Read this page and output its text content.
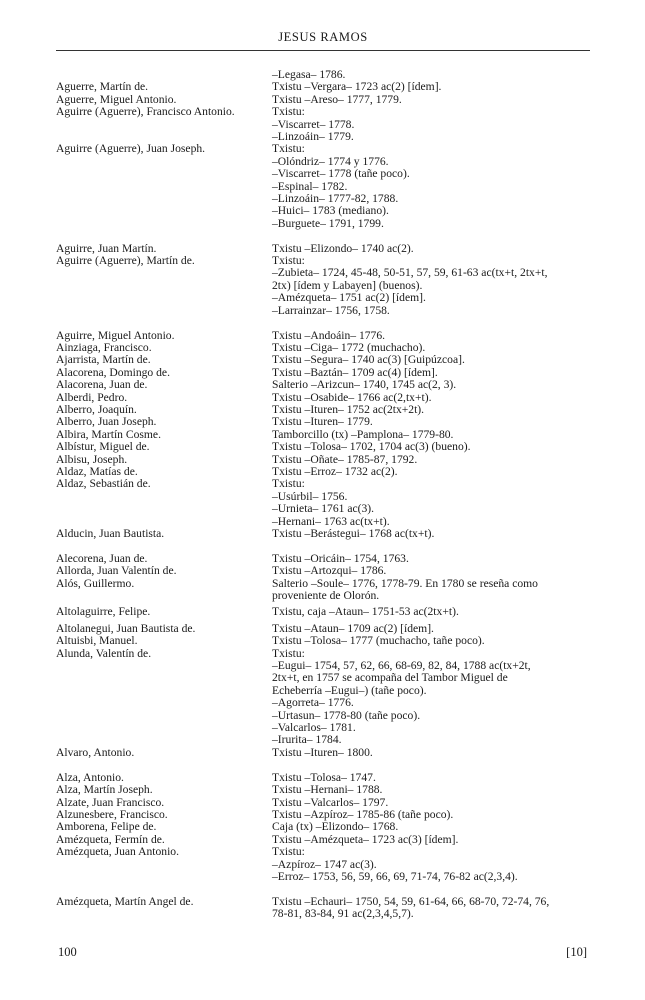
JESUS RAMOS
–Legasa– 1786.
Aguerre, Martín de.	Txistu –Vergara– 1723 ac(2) [ídem].
Aguerre, Miguel Antonio.	Txistu –Areso– 1777, 1779.
Aguirre (Aguerre), Francisco Antonio.	Txistu:
–Viscarret– 1778.
–Linzoáin– 1779.
Aguirre (Aguerre), Juan Joseph.	Txistu:
–Olóndriz– 1774 y 1776.
–Viscarret– 1778 (tañe poco).
–Espinal– 1782.
–Linzoáin– 1777-82, 1788.
–Huici– 1783 (mediano).
–Burguete– 1791, 1799.
Aguirre, Juan Martín.	Txistu –Elizondo– 1740 ac(2).
Aguirre (Aguerre), Martín de.	Txistu:
–Zubieta– 1724, 45-48, 50-51, 57, 59, 61-63 ac(tx+t, 2tx+t,
2tx) [ídem y Labayen] (buenos).
–Amézqueta– 1751 ac(2) [ídem].
–Larrainzar– 1756, 1758.
Aguirre, Miguel Antonio.	Txistu –Andoáin– 1776.
Ainziaga, Francisco.	Txistu –Ciga– 1772 (muchacho).
Ajarrista, Martín de.	Txistu –Segura– 1740 ac(3) [Guipúzcoa].
Alacorena, Domingo de.	Txistu –Baztán– 1709 ac(4) [ídem].
Alacorena, Juan de.	Salterio –Arizcun– 1740, 1745 ac(2, 3).
Alberdi, Pedro.	Txistu –Osabide– 1766 ac(2,tx+t).
Alberro, Joaquín.	Txistu –Ituren– 1752 ac(2tx+2t).
Alberro, Juan Joseph.	Txistu –Ituren– 1779.
Albira, Martín Cosme.	Tamborcillo (tx) –Pamplona– 1779-80.
Albístur, Miguel de.	Txistu –Tolosa– 1702, 1704 ac(3) (bueno).
Albisu, Joseph.	Txistu –Oñate– 1785-87, 1792.
Aldaz, Matías de.	Txistu –Erroz– 1732 ac(2).
Aldaz, Sebastián de.	Txistu:
–Usúrbil– 1756.
–Urnieta– 1761 ac(3).
–Hernani– 1763 ac(tx+t).
Alducin, Juan Bautista.	Txistu –Berástegui– 1768 ac(tx+t).
Alecorena, Juan de.	Txistu –Oricáin– 1754, 1763.
Allorda, Juan Valentín de.	Txistu –Artozqui– 1786.
Alós, Guillermo.	Salterio –Soule– 1776, 1778-79. En 1780 se reseña como
proveniente de Olorón.
Altolaguirre, Felipe.	Txistu, caja –Ataun– 1751-53 ac(2tx+t).
Altolanegui, Juan Bautista de.	Txistu –Ataun– 1709 ac(2) [ídem].
Altuisbi, Manuel.	Txistu –Tolosa– 1777 (muchacho, tañe poco).
Alunda, Valentín de.	Txistu:
–Eugui– 1754, 57, 62, 66, 68-69, 82, 84, 1788 ac(tx+2t,
2tx+t, en 1757 se acompaña del Tambor Miguel de
Echeberría –Eugui–) (tañe poco).
–Agorreta– 1776.
–Urtasun– 1778-80 (tañe poco).
–Valcarlos– 1781.
–Irurita– 1784.
Alvaro, Antonio.	Txistu –Ituren– 1800.
Alza, Antonio.	Txistu –Tolosa– 1747.
Alza, Martín Joseph.	Txistu –Hernani– 1788.
Alzate, Juan Francisco.	Txistu –Valcarlos– 1797.
Alzunesbere, Francisco.	Txistu –Azpíroz– 1785-86 (tañe poco).
Amborena, Felipe de.	Caja (tx) –Elizondo– 1768.
Amézqueta, Fermín de.	Txistu –Amézqueta– 1723 ac(3) [ídem].
Amézqueta, Juan Antonio.	Txistu:
–Azpíroz– 1747 ac(3).
–Erroz– 1753, 56, 59, 66, 69, 71-74, 76-82 ac(2,3,4).
Amézqueta, Martín Angel de.	Txistu –Echauri– 1750, 54, 59, 61-64, 66, 68-70, 72-74, 76,
78-81, 83-84, 91 ac(2,3,4,5,7).
100	[10]
